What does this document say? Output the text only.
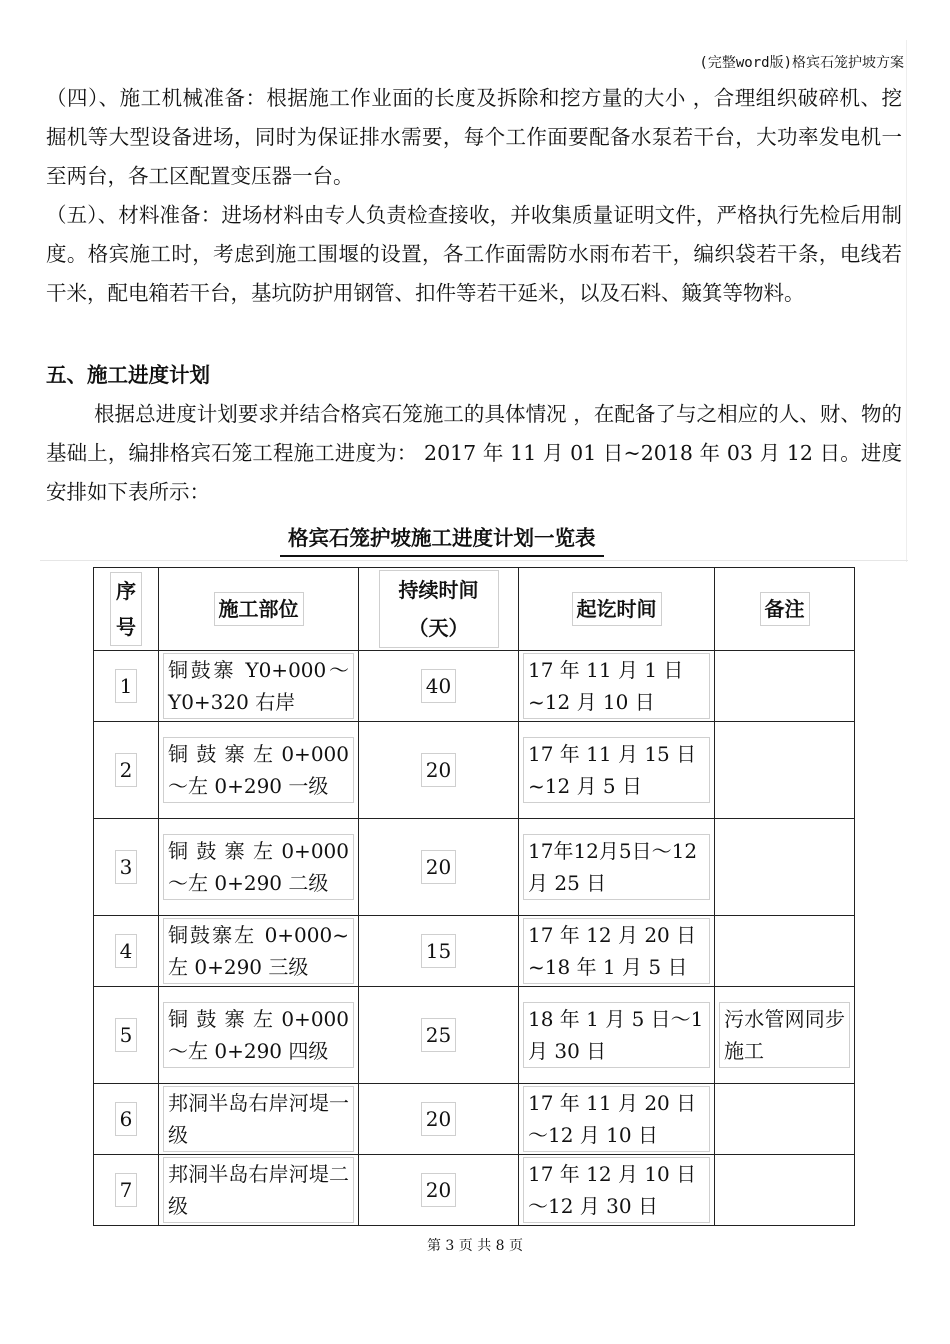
(完整word版)格宾石笼护坡方案
（四）、施工机械准备：根据施工作业面的长度及拆除和挖方量的大小 ，合理组织破碎机、挖掘机等大型设备进场，同时为保证排水需要，每个工作面要配备水泵若干台，大功率发电机一至两台，各工区配置变压器一台。
（五）、材料准备：进场材料由专人负责检查接收，并收集质量证明文件，严格执行先检后用制度。格宾施工时，考虑到施工围堰的设置，各工作面需防水雨布若干，编织袋若干条，电线若干米，配电箱若干台，基坑防护用钢管、扣件等若干延米，以及石料、簸箕等物料。
五、施工进度计划
根据总进度计划要求并结合格宾石笼施工的具体情况 ，在配备了与之相应的人、财、物的基础上，编排格宾石笼工程施工进度为： 2017 年 11 月 01 日~2018 年 03 月 12 日。进度安排如下表所示：
格宾石笼护坡施工进度计划一览表
序号	施工部位	持续时间（天）	起讫时间	备注
1	铜鼓寨 Y0+000～Y0+320 右岸	40	17 年 11 月 1 日~12 月 10 日	
2	铜 鼓 寨 左 0+000～左 0+290 一级	20	17 年 11 月 15 日~12 月 5 日	
3	铜 鼓 寨 左 0+000～左 0+290 二级	20	17年12月5日～12 月 25 日	
4	铜鼓寨左 0+000~左 0+290 三级	15	17 年 12 月 20 日~18 年 1 月 5 日	
5	铜 鼓 寨 左 0+000～左 0+290 四级	25	18 年 1 月 5 日～1 月 30 日	污水管网同步施工
6	邦洞半岛右岸河堤一级	20	17 年 11 月 20 日～12 月 10 日	
7	邦洞半岛右岸河堤二级	20	17 年 12 月 10 日～12 月 30 日	
第 3 页 共 8 页
